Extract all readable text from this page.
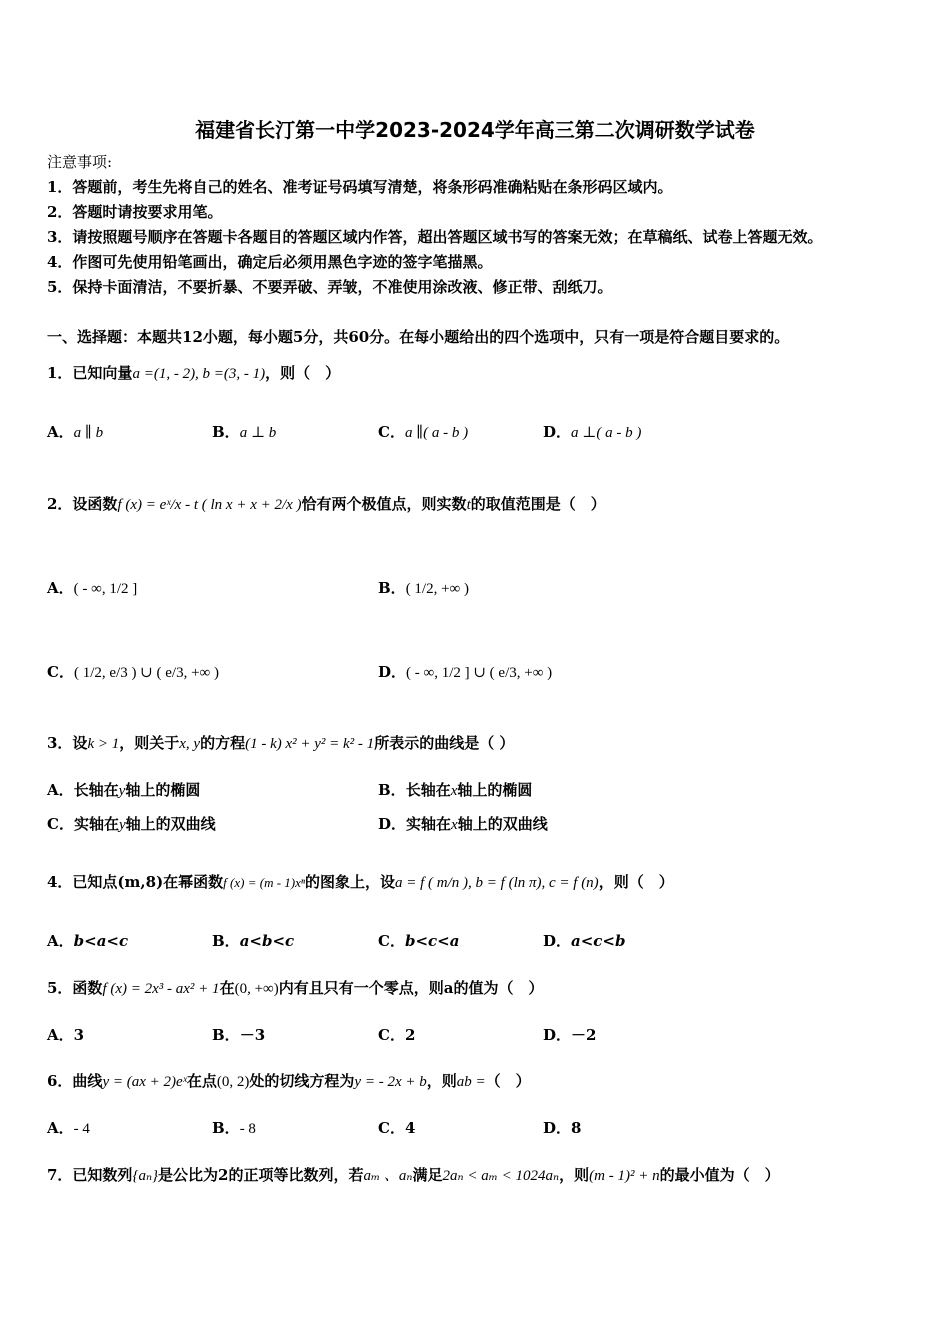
福建省长汀第一中学2023-2024学年高三第二次调研数学试卷
注意事项:
1．答题前，考生先将自己的姓名、准考证号码填写清楚，将条形码准确粘贴在条形码区域内。
2．答题时请按要求用笔。
3．请按照题号顺序在答题卡各题目的答题区域内作答，超出答题区域书写的答案无效；在草稿纸、试卷上答题无效。
4．作图可先使用铅笔画出，确定后必须用黑色字迹的签字笔描黑。
5．保持卡面清洁，不要折暴、不要弄破、弄皱，不准使用涂改液、修正带、刮纸刀。
一、选择题：本题共12小题，每小题5分，共60分。在每小题给出的四个选项中，只有一项是符合题目要求的。
1．已知向量a =(1, - 2), b =(3, - 1)，则（　）
A．a ∥ b	B．a ⊥ b	C．a ∥( a - b )	D．a ⊥( a - b )
2．设函数f (x) = eˣ/x - t ( ln x + x + 2/x )恰有两个极值点，则实数t的取值范围是（　）
A．( - ∞, 1/2 ]	B．( 1/2, +∞ )
C．( 1/2, e/3 ) ∪ ( e/3, +∞ )	D．( - ∞, 1/2 ] ∪ ( e/3, +∞ )
3．设k > 1，则关于x, y的方程(1 - k) x² + y² = k² - 1所表示的曲线是（ ）
A．长轴在y轴上的椭圆	B．长轴在x轴上的椭圆
C．实轴在y轴上的双曲线	D．实轴在x轴上的双曲线
4．已知点(m,8)在幂函数f (x) = (m - 1)xⁿ的图象上，设a = f ( m/n ), b = f (ln π), c = f (n)，则（　）
A．b<a<c	B．a<b<c	C．b<c<a	D．a<c<b
5．函数f (x) = 2x³ - ax² + 1在(0, +∞)内有且只有一个零点，则a的值为（　）
A．3	B．－3	C．2	D．－2
6．曲线y = (ax + 2)eˣ在点(0, 2)处的切线方程为y = - 2x + b，则ab =（　）
A．- 4	B．- 8	C．4	D．8
7．已知数列{aₙ}是公比为2的正项等比数列，若aₘ 、aₙ满足2aₙ < aₘ < 1024aₙ，则(m - 1)² + n的最小值为（　）
